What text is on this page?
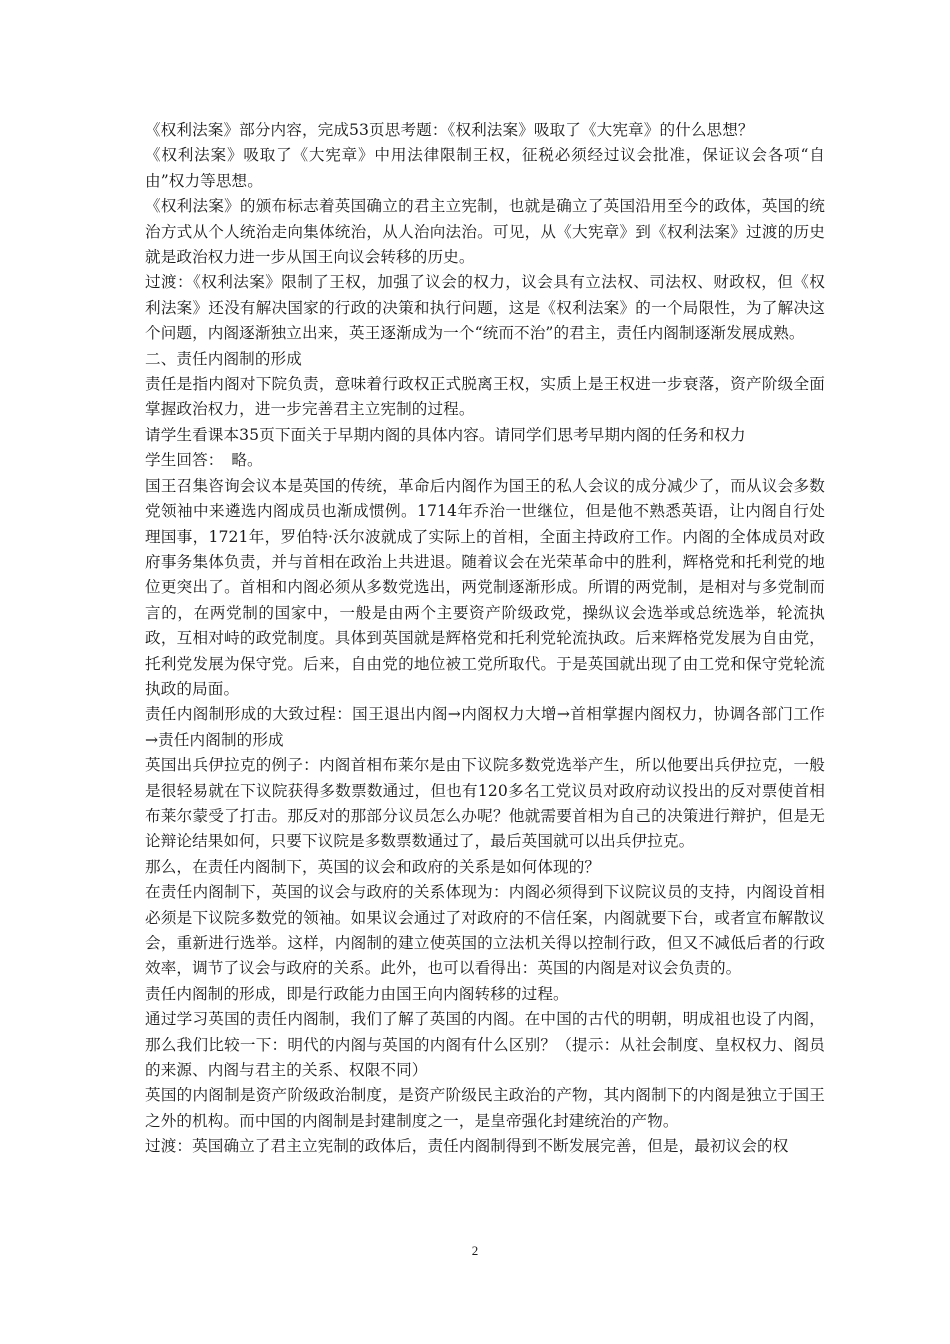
《权利法案》部分内容，完成53页思考题：《权利法案》吸取了《大宪章》的什么思想？

《权利法案》吸取了《大宪章》中用法律限制王权，征税必须经过议会批准，保证议会各项“自由”权力等思想。

《权利法案》的颁布标志着英国确立的君主立宪制，也就是确立了英国沿用至今的政体，英国的统治方式从个人统治走向集体统治，从人治向法治。可见，从《大宪章》到《权利法案》过渡的历史就是政治权力进一步从国王向议会转移的历史。

过渡：《权利法案》限制了王权，加强了议会的权力，议会具有立法权、司法权、财政权，但《权利法案》还没有解决国家的行政的决策和执行问题，这是《权利法案》的一个局限性，为了解决这个问题，内阁逐渐独立出来，英王逐渐成为一个“统而不治”的君主，责任内阁制逐渐发展成熟。

二、责任内阁制的形成

责任是指内阁对下院负责，意味着行政权正式脱离王权，实质上是王权进一步衰落，资产阶级全面掌握政治权力，进一步完善君主立宪制的过程。

请学生看课本35页下面关于早期内阁的具体内容。请同学们思考早期内阁的任务和权力

学生回答：　略。

国王召集咨询会议本是英国的传统，革命后内阁作为国王的私人会议的成分减少了，而从议会多数党领袖中来遴选内阁成员也渐成惯例。1714年乔治一世继位，但是他不熟悉英语，让内阁自行处理国事，1721年，罗伯特·沃尔波就成了实际上的首相，全面主持政府工作。内阁的全体成员对政府事务集体负责，并与首相在政治上共进退。随着议会在光荣革命中的胜利，辉格党和托利党的地位更突出了。首相和内阁必须从多数党选出，两党制逐渐形成。所谓的两党制，是相对与多党制而言的，在两党制的国家中，一般是由两个主要资产阶级政党，操纵议会选举或总统选举，轮流执政，互相对峙的政党制度。具体到英国就是辉格党和托利党轮流执政。后来辉格党发展为自由党，托利党发展为保守党。后来，自由党的地位被工党所取代。于是英国就出现了由工党和保守党轮流执政的局面。

责任内阁制形成的大致过程：国王退出内阁→内阁权力大增→首相掌握内阁权力，协调各部门工作→责任内阁制的形成

英国出兵伊拉克的例子：内阁首相布莱尔是由下议院多数党选举产生，所以他要出兵伊拉克，一般是很轻易就在下议院获得多数票数通过，但也有120多名工党议员对政府动议投出的反对票使首相布莱尔蒙受了打击。那反对的那部分议员怎么办呢？他就需要首相为自己的决策进行辩护，但是无论辩论结果如何，只要下议院是多数票数通过了，最后英国就可以出兵伊拉克。

那么，在责任内阁制下，英国的议会和政府的关系是如何体现的？

在责任内阁制下，英国的议会与政府的关系体现为：内阁必须得到下议院议员的支持，内阁设首相必须是下议院多数党的领袖。如果议会通过了对政府的不信任案，内阁就要下台，或者宣布解散议会，重新进行选举。这样，内阁制的建立使英国的立法机关得以控制行政，但又不减低后者的行政效率，调节了议会与政府的关系。此外，也可以看得出：英国的内阁是对议会负责的。

责任内阁制的形成，即是行政能力由国王向内阁转移的过程。

通过学习英国的责任内阁制，我们了解了英国的内阁。在中国的古代的明朝，明成祖也设了内阁，那么我们比较一下：明代的内阁与英国的内阁有什么区别？（提示：从社会制度、皇权权力、阁员的来源、内阁与君主的关系、权限不同）

英国的内阁制是资产阶级政治制度，是资产阶级民主政治的产物，其内阁制下的内阁是独立于国王之外的机构。而中国的内阁制是封建制度之一，是皇帝强化封建统治的产物。

过渡：英国确立了君主立宪制的政体后，责任内阁制得到不断发展完善，但是，最初议会的权

2
